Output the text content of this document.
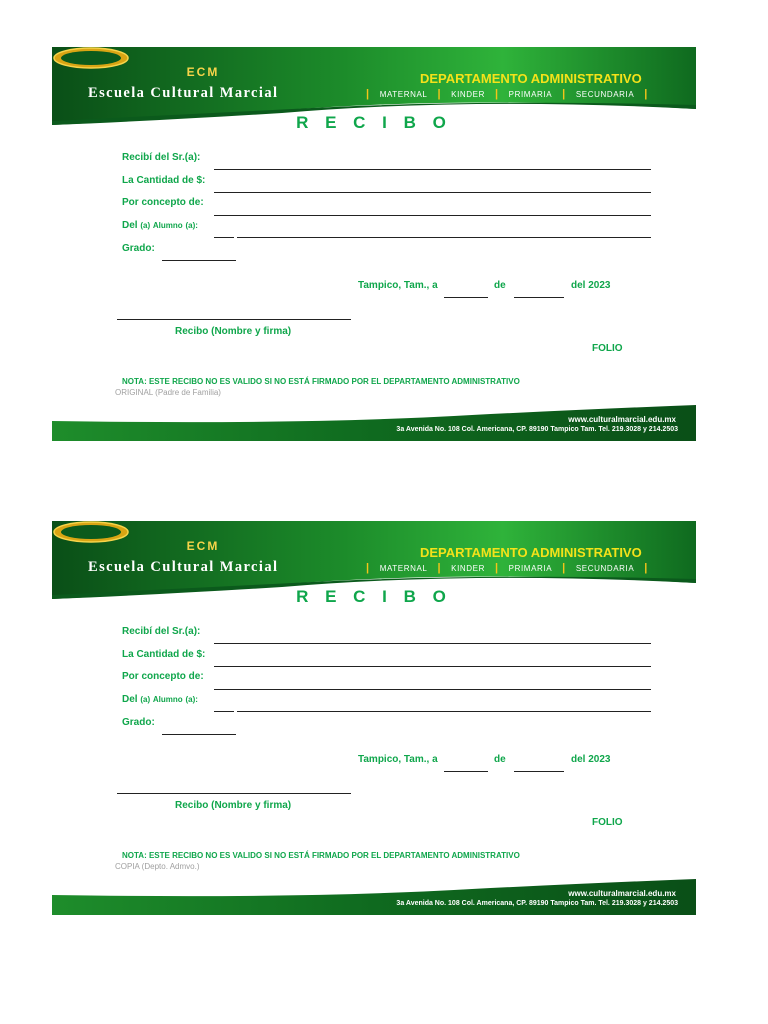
ECM
Escuela Cultural Marcial
DEPARTAMENTO ADMINISTRATIVO
| MATERNAL | KINDER | PRIMARIA | SECUNDARIA |
R E C I B O
Recibí del Sr.(a):
La Cantidad de $:
Por concepto de:
Del (a) Alumno (a):
Grado:
Tampico, Tam., a	de	del 2023
Recibo (Nombre y firma)
FOLIO
NOTA: ESTE RECIBO NO ES VALIDO SI NO ESTÁ FIRMADO POR EL DEPARTAMENTO ADMINISTRATIVO
ORIGINAL (Padre de Familia)
www.culturalmarcial.edu.mx
3a Avenida No. 108 Col. Americana, CP. 89190 Tampico Tam. Tel. 219.3028 y 214.2503
ECM
Escuela Cultural Marcial
DEPARTAMENTO ADMINISTRATIVO
| MATERNAL | KINDER | PRIMARIA | SECUNDARIA |
R E C I B O
Recibí del Sr.(a):
La Cantidad de $:
Por concepto de:
Del (a) Alumno (a):
Grado:
Tampico, Tam., a	de	del 2023
Recibo (Nombre y firma)
FOLIO
NOTA: ESTE RECIBO NO ES VALIDO SI NO ESTÁ FIRMADO POR EL DEPARTAMENTO ADMINISTRATIVO
COPIA (Depto. Admvo.)
www.culturalmarcial.edu.mx
3a Avenida No. 108 Col. Americana, CP. 89190 Tampico Tam. Tel. 219.3028 y 214.2503
